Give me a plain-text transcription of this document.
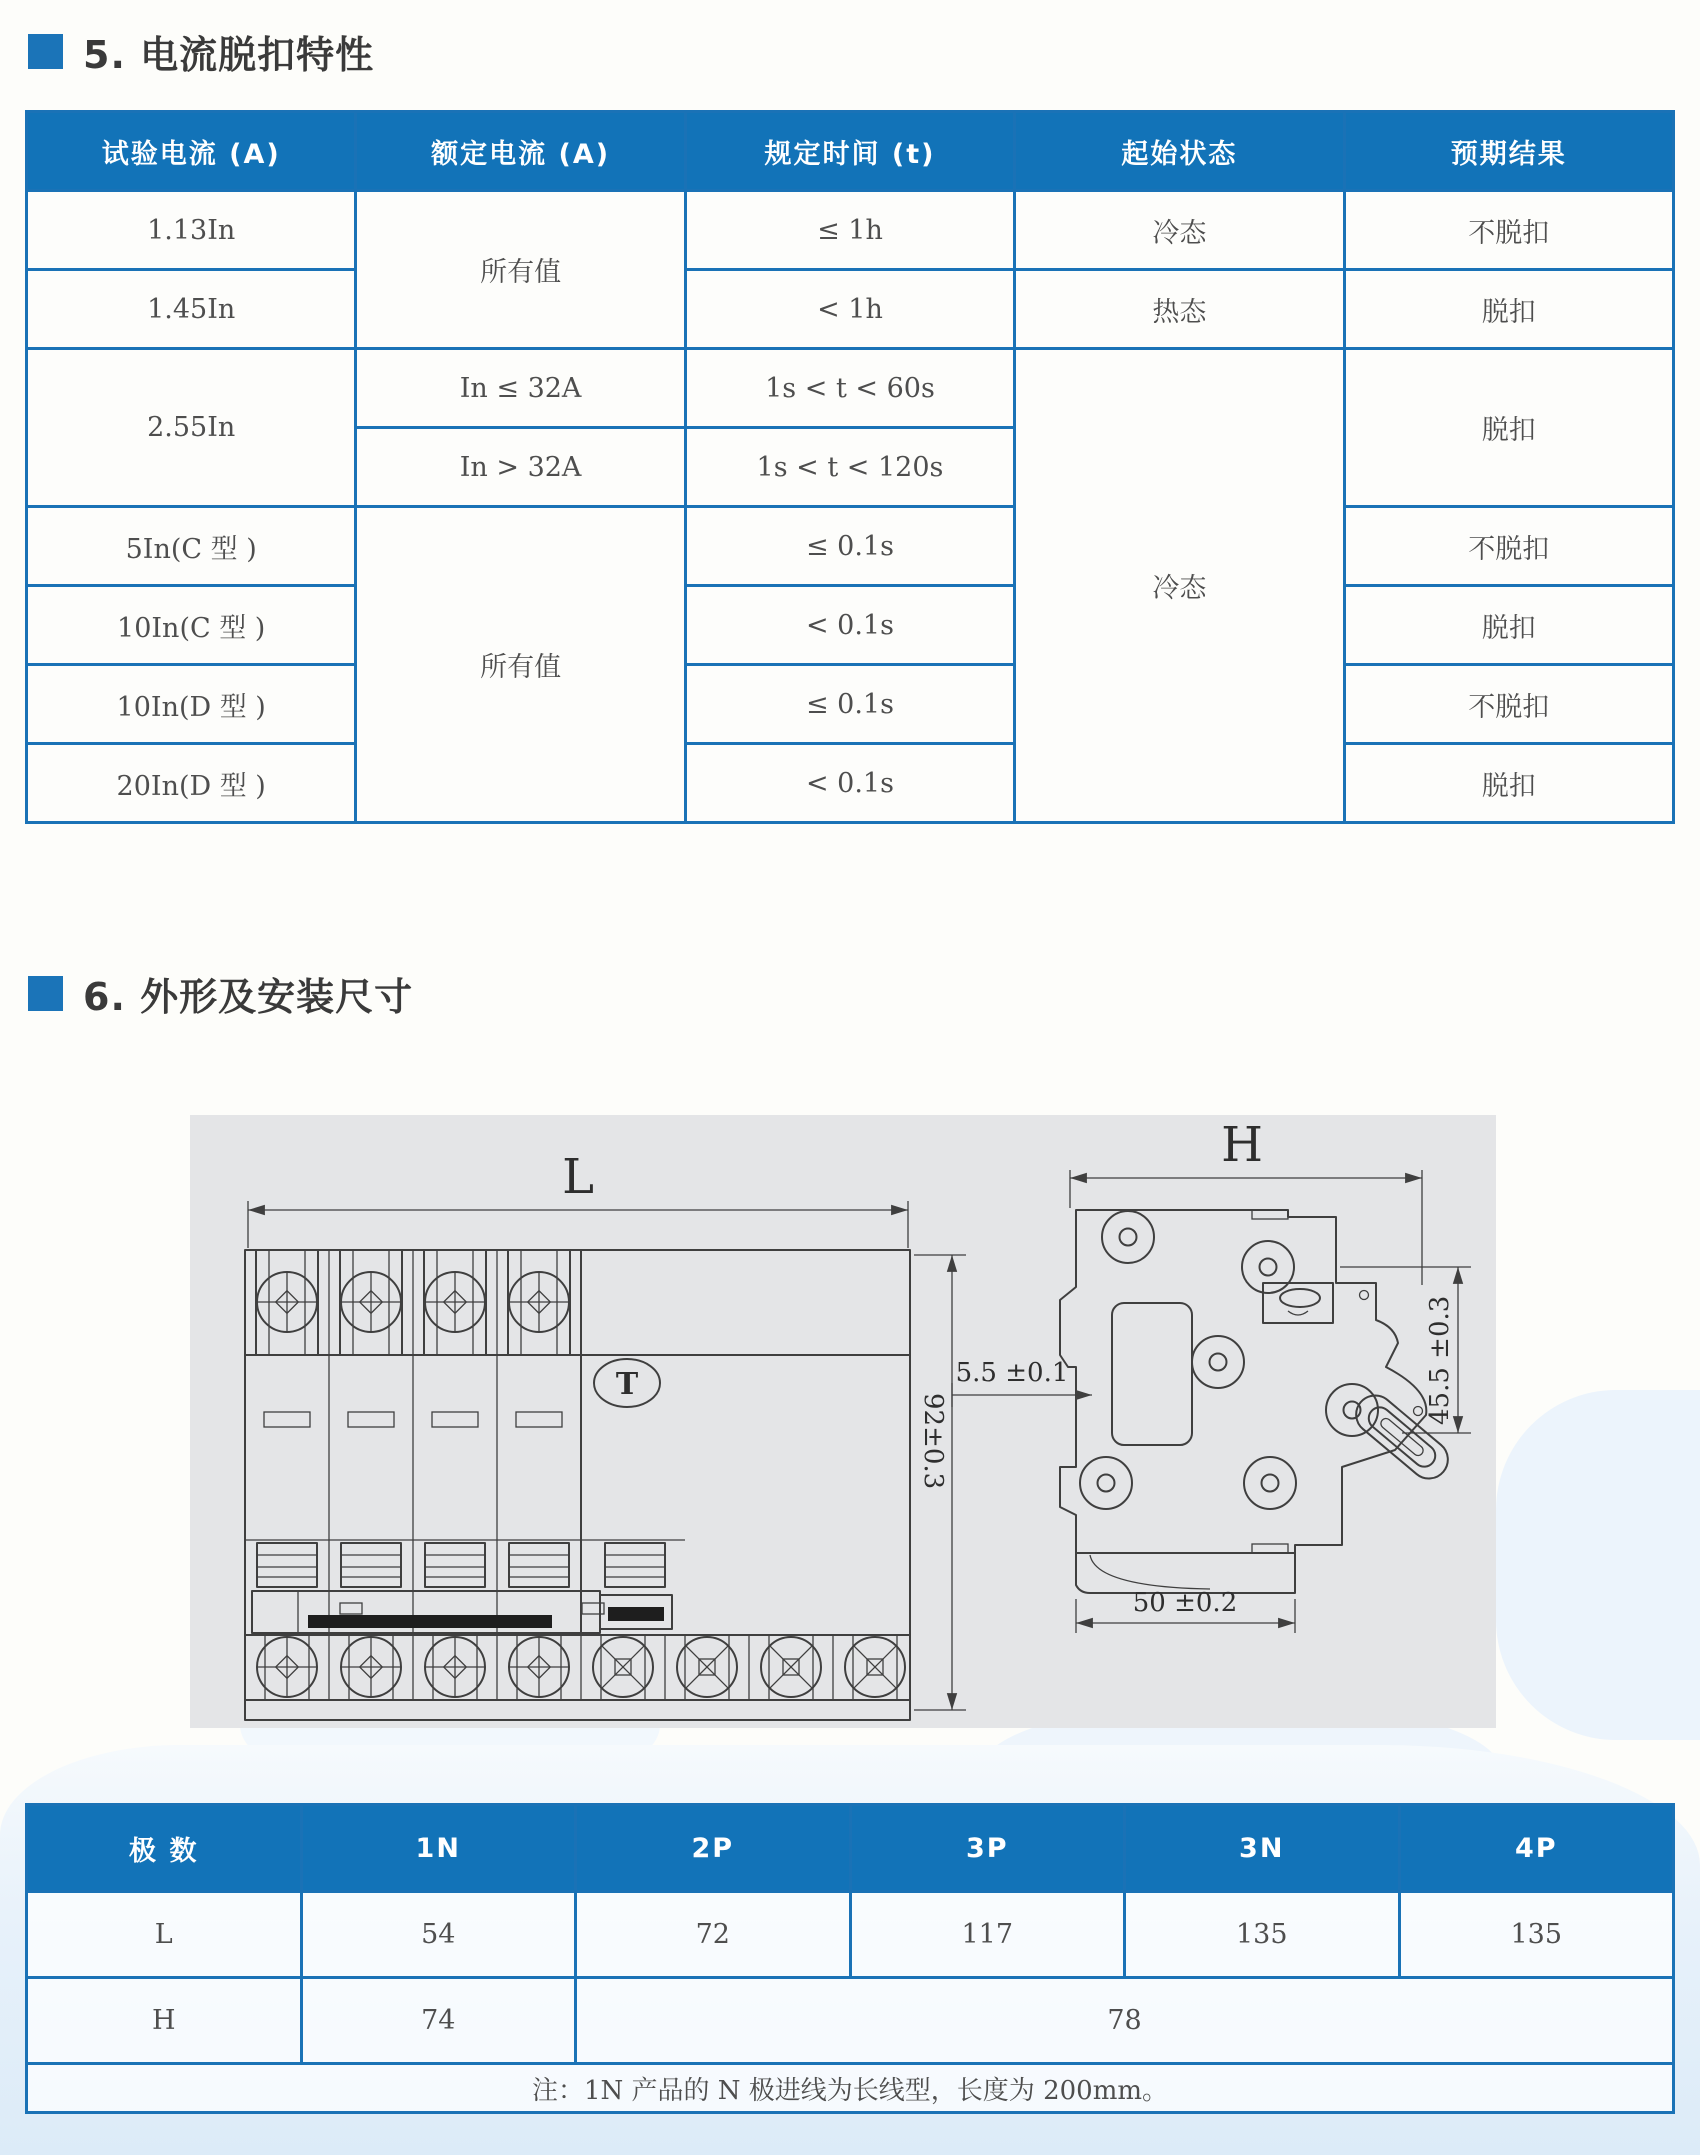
5. 电流脱扣特性
试验电流 (A)	额定电流 (A)	规定时间 (t)	起始状态	预期结果
1.13In	所有值	≤ 1h	冷态	不脱扣
1.45In		< 1h	热态	脱扣
2.55In	In ≤ 32A	1s < t < 60s	冷态	脱扣
	In > 32A	1s < t < 120s		
5In(C 型 )	所有值	≤ 0.1s		不脱扣
10In(C 型 )		< 0.1s		脱扣
10In(D 型 )		≤ 0.1s		不脱扣
20In(D 型 )		< 0.1s		脱扣
6. 外形及安装尺寸
L
T
92±0.3
H
5.5 ±0.1	45.5 ±0.3
50 ±0.2
极 数	1N	2P	3P	3N	4P
L	54	72	117	135	135
H	74	78			
注：1N 产品的 N 极进线为长线型，长度为 200mm。					
